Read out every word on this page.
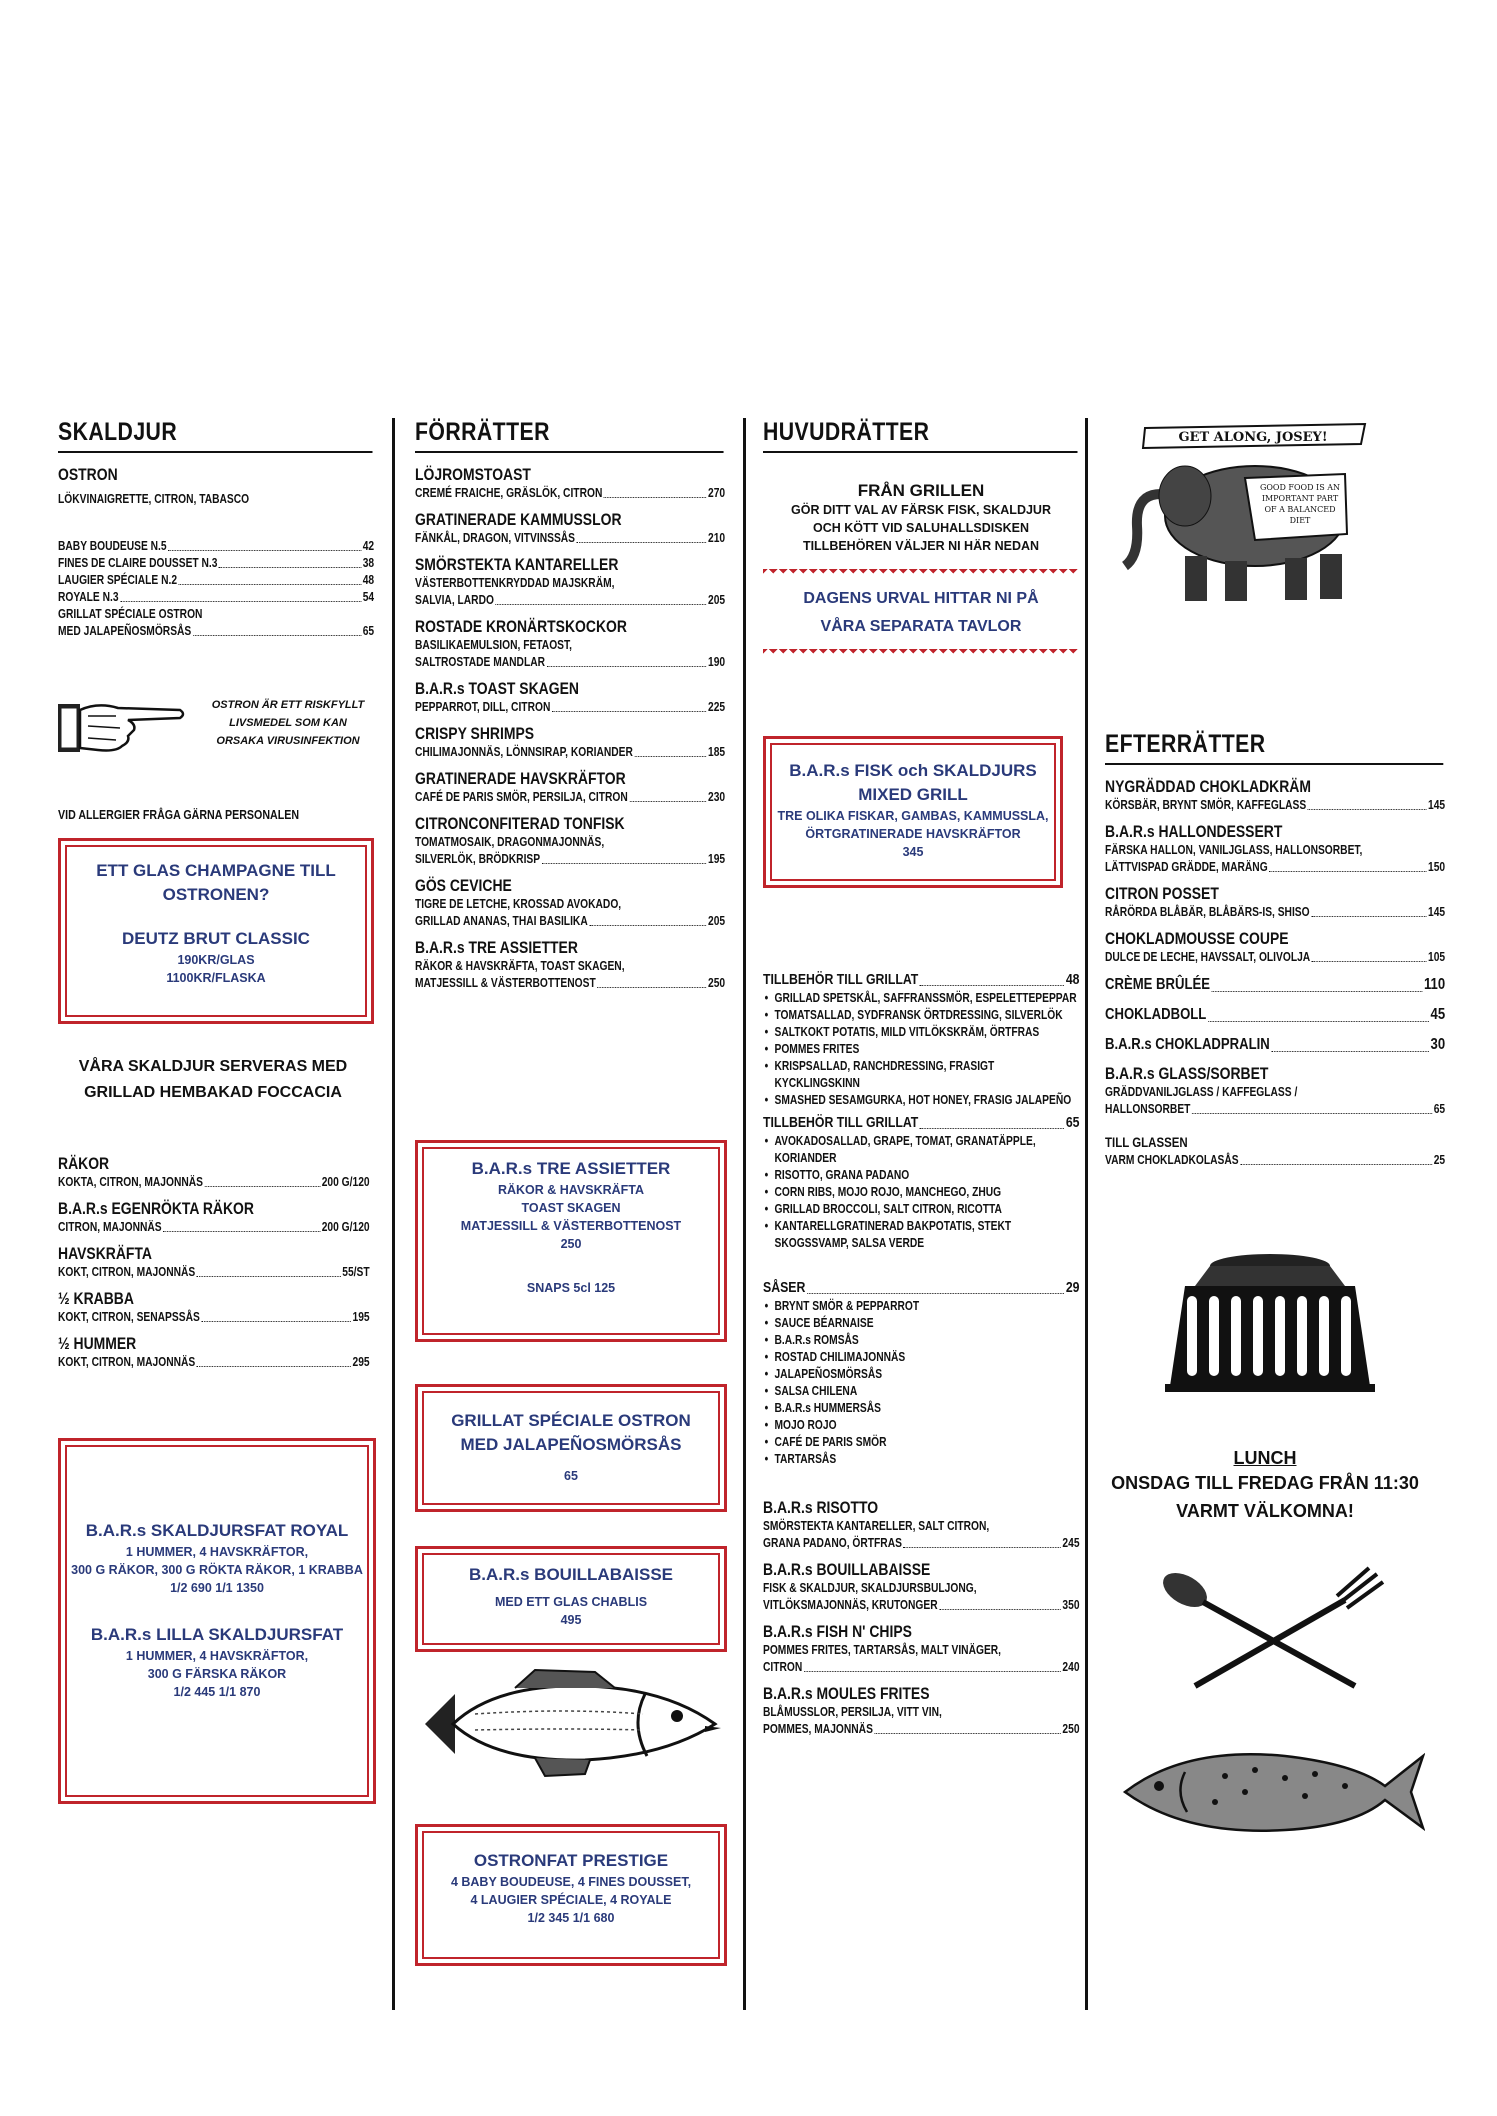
SKALDJUR
OSTRON
LÖKVINAIGRETTE, CITRON, TABASCO
BABY BOUDEUSE N.5	42
FINES DE CLAIRE DOUSSET N.3	38
LAUGIER SPÉCIALE N.2	48
ROYALE N.3	54
GRILLAT SPÉCIALE OSTRON
MED JALAPEÑOSMÖRSÅS	65
OSTRON ÄR ETT RISKFYLLT LIVSMEDEL SOM KAN ORSAKA VIRUSINFEKTION
VID ALLERGIER FRÅGA GÄRNA PERSONALEN
ETT GLAS CHAMPAGNE TILL OSTRONEN?
DEUTZ BRUT CLASSIC
190KR/GLAS
1100KR/FLASKA
VÅRA SKALDJUR SERVERAS MED GRILLAD HEMBAKAD FOCCACIA
RÄKOR
KOKTA, CITRON, MAJONNÄS	200 G/120
B.A.R.s EGENRÖKTA RÄKOR
CITRON, MAJONNÄS	200 G/120
HAVSKRÄFTA
KOKT, CITRON, MAJONNÄS	55/ST
½ KRABBA
KOKT, CITRON, SENAPSSÅS	195
½ HUMMER
KOKT, CITRON, MAJONNÄS	295
B.A.R.s SKALDJURSFAT ROYAL
1 HUMMER, 4 HAVSKRÄFTOR,
300 G RÄKOR, 300 G RÖKTA RÄKOR, 1 KRABBA
1/2 690 1/1 1350
B.A.R.s LILLA SKALDJURSFAT
1 HUMMER, 4 HAVSKRÄFTOR,
300 G FÄRSKA RÄKOR
1/2 445 1/1 870
FÖRRÄTTER
LÖJROMSTOAST
CREMÉ FRAICHE, GRÄSLÖK, CITRON	270
GRATINERADE KAMMUSSLOR
FÄNKÅL, DRAGON, VITVINSSÅS	210
SMÖRSTEKTA KANTARELLER
VÄSTERBOTTENKRYDDAD MAJSKRÄM,
SALVIA, LARDO	205
ROSTADE KRONÄRTSKOCKOR
BASILIKAEMULSION, FETAOST,
SALTROSTADE MANDLAR	190
B.A.R.s TOAST SKAGEN
PEPPARROT, DILL, CITRON	225
CRISPY SHRIMPS
CHILIMAJONNÄS, LÖNNSIRAP, KORIANDER	185
GRATINERADE HAVSKRÄFTOR
CAFÉ DE PARIS SMÖR, PERSILJA, CITRON	230
CITRONCONFITERAD TONFISK
TOMATMOSAIK, DRAGONMAJONNÄS,
SILVERLÖK, BRÖDKRISP	195
GÖS CEVICHE
TIGRE DE LETCHE, KROSSAD AVOKADO,
GRILLAD ANANAS, THAI BASILIKA	205
B.A.R.s TRE ASSIETTER
RÄKOR & HAVSKRÄFTA, TOAST SKAGEN,
MATJESSILL & VÄSTERBOTTENOST	250
B.A.R.s TRE ASSIETTER
RÄKOR & HAVSKRÄFTA
TOAST SKAGEN
MATJESSILL & VÄSTERBOTTENOST
250
SNAPS 5cl 125
GRILLAT SPÉCIALE OSTRON MED JALAPEÑOSMÖRSÅS
65
B.A.R.s BOUILLABAISSE
MED ETT GLAS CHABLIS
495
OSTRONFAT PRESTIGE
4 BABY BOUDEUSE, 4 FINES DOUSSET,
4 LAUGIER SPÉCIALE, 4 ROYALE
1/2 345 1/1 680
HUVUDRÄTTER
FRÅN GRILLEN
GÖR DITT VAL AV FÄRSK FISK, SKALDJUR
OCH KÖTT VID SALUHALLSDISKEN
TILLBEHÖREN VÄLJER NI HÄR NEDAN
DAGENS URVAL HITTAR NI PÅ VÅRA SEPARATA TAVLOR
B.A.R.s FISK och SKALDJURS
MIXED GRILL
TRE OLIKA FISKAR, GAMBAS, KAMMUSSLA,
ÖRTGRATINERADE HAVSKRÄFTOR
345
TILLBEHÖR TILL GRILLAT	48
• GRILLAD SPETSKÅL, SAFFRANSSMÖR, ESPELETTEPEPPAR
• TOMATSALLAD, SYDFRANSK ÖRTDRESSING, SILVERLÖK
• SALTKOKT POTATIS, MILD VITLÖKSKRÄM, ÖRTFRAS
• POMMES FRITES
• KRISPSALLAD, RANCHDRESSING, FRASIGT KYCKLINGSKINN
• SMASHED SESAMGURKA, HOT HONEY, FRASIG JALAPEÑO
TILLBEHÖR TILL GRILLAT	65
• AVOKADOSALLAD, GRAPE, TOMAT, GRANATÄPPLE, KORIANDER
• RISOTTO, GRANA PADANO
• CORN RIBS, MOJO ROJO, MANCHEGO, ZHUG
• GRILLAD BROCCOLI, SALT CITRON, RICOTTA
• KANTARELLGRATINERAD BAKPOTATIS, STEKT SKOGSSVAMP, SALSA VERDE
SÅSER	29
• BRYNT SMÖR & PEPPARROT
• SAUCE BÉARNAISE
• B.A.R.s ROMSÅS
• ROSTAD CHILIMAJONNÄS
• JALAPEÑOSMÖRSÅS
• SALSA CHILENA
• B.A.R.s HUMMERSÅS
• MOJO ROJO
• CAFÉ DE PARIS SMÖR
• TARTARSÅS
B.A.R.s RISOTTO
SMÖRSTEKTA KANTARELLER, SALT CITRON,
GRANA PADANO, ÖRTFRAS	245
B.A.R.s BOUILLABAISSE
FISK & SKALDJUR, SKALDJURSBULJONG,
VITLÖKSMAJONNÄS, KRUTONGER	350
B.A.R.s FISH N' CHIPS
POMMES FRITES, TARTARSÅS, MALT VINÄGER,
CITRON	240
B.A.R.s MOULES FRITES
BLÅMUSSLOR, PERSILJA, VITT VIN,
POMMES, MAJONNÄS	250
GET ALONG, JOSEY!
GOOD FOOD IS AN IMPORTANT PART OF A BALANCED DIET
EFTERRÄTTER
NYGRÄDDAD CHOKLADKRÄM
KÖRSBÄR, BRYNT SMÖR, KAFFEGLASS	145
B.A.R.s HALLONDESSERT
FÄRSKA HALLON, VANILJGLASS, HALLONSORBET,
LÄTTVISPAD GRÄDDE, MARÄNG	150
CITRON POSSET
RÅRÖRDA BLÅBÄR, BLÅBÄRS-IS, SHISO	145
CHOKLADMOUSSE COUPE
DULCE DE LECHE, HAVSSALT, OLIVOLJA	105
CRÈME BRÛLÉE	110
CHOKLADBOLL	45
B.A.R.s CHOKLADPRALIN	30
B.A.R.s GLASS/SORBET
GRÄDDVANILJGLASS / KAFFEGLASS /
HALLONSORBET	65
TILL GLASSEN
VARM CHOKLADKOLASÅS	25
LUNCH
ONSDAG TILL FREDAG FRÅN 11:30
VARMT VÄLKOMNA!
